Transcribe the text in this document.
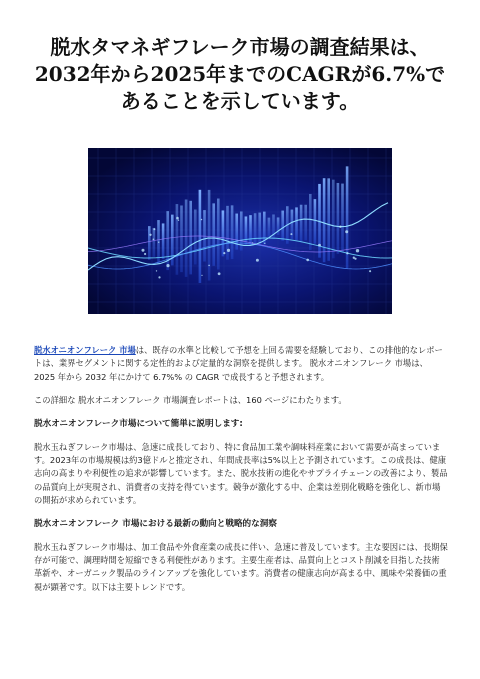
脱水タマネギフレーク市場の調査結果は、2032年から2025年までのCAGRが6.7%であることを示しています。

脱水オニオンフレーク 市場は、既存の水準と比較して予想を上回る需要を経験しており、この排他的なレポートは、業界セグメントに関する定性的および定量的な洞察を提供します。 脱水オニオンフレーク 市場は、2025 年から 2032 年にかけて 6.7%% の CAGR で成長すると予想されます。

この詳細な 脱水オニオンフレーク 市場調査レポートは、160 ページにわたります。

脱水オニオンフレーク市場について簡単に説明します:

脱水玉ねぎフレーク市場は、急速に成長しており、特に食品加工業や調味料産業において需要が高まっています。2023年の市場規模は約3億ドルと推定され、年間成長率は5%以上と予測されています。この成長は、健康志向の高まりや利便性の追求が影響しています。また、脱水技術の進化やサプライチェーンの改善により、製品の品質向上が実現され、消費者の支持を得ています。競争が激化する中、企業は差別化戦略を強化し、新市場の開拓が求められています。

脱水オニオンフレーク 市場における最新の動向と戦略的な洞察

脱水玉ねぎフレーク市場は、加工食品や外食産業の成長に伴い、急速に普及しています。主な要因には、長期保存が可能で、調理時間を短縮できる利便性があります。主要生産者は、品質向上とコスト削減を目指した技術革新や、オーガニック製品のラインアップを強化しています。消費者の健康志向が高まる中、風味や栄養価の重視が顕著です。以下は主要トレンドです。
